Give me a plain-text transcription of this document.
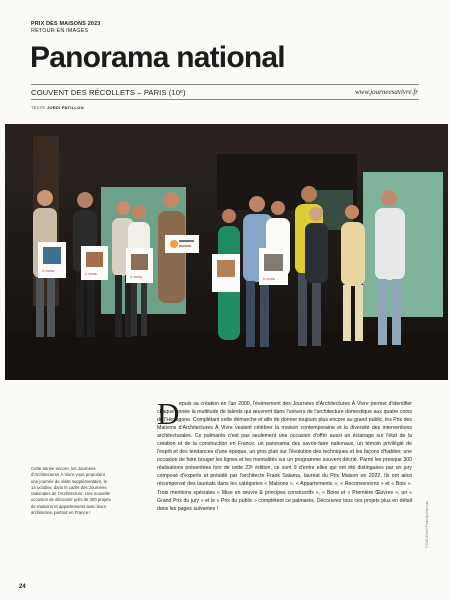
PRIX DES MAISONS 2023
RETOUR EN IMAGES
Panorama national
COUVENT DES RÉCOLLETS – PARIS (10ᵉ)	www.journeesavivre.fr
TEXTE JORDI PATILLON
À VIVRE
À VIVRE
À VIVRE	À VIVRE
D epuis sa création en l'an 2000, l'événement des Journées d'Architectures À Vivre permet d'identifier chaque année la multitude de talents qui œuvrent dans l'univers de l'architecture domestique aux quatre coins de l'Hexagone. Complétant cette démarche et afin de donner toujours plus encore au grand public, les Prix des Maisons d'Architectures À Vivre veulent célébrer la maison contemporaine et la diversité des interventions architecturales. Ce palmarès n'est pas seulement une occasion d'offrir aussi un éclairage sur l'état de la création et de la construction en France, un panorama des savoir-faire nationaux, un témoin privilégié de l'esprit et des tendances d'une époque, un gros plan sur l'évolution des techniques et les façons d'habiter, une occasion de faire bouger les lignes et les mentalités sur un programme souvent décrié. Parmi les presque 300 réalisations présentées lors de cette 23ᵉ édition, ce sont 9 d'entre elles qui ont été distinguées par un jury composé d'experts et présidé par l'architecte Frank Salama, lauréat du Prix Maison en 2022. Ils ont ainsi récompensé des lauréats dans les catégories « Maisons », « Appartements », « Reconversions » et « Bois ». Trois mentions spéciales « Mise en œuvre & principes constructifs », « Boire et « Première Œuvres », un « Grand Prix du jury » et le « Prix du public » complètent ce palmarès. Découvrez tous ces projets plus en détail dans les pages suivantes !
Cette année encore, les Journées d'Architectures À Vivre vous proposent une journée de visite supplémentaire, le 14 octobre, dans le cadre des Journées nationales de l'Architecture. Une nouvelle occasion de découvrir près de 300 projets de maisons et appartements avec leurs architectes, partout en France !	© D.R./Crédit Photo Architecture
24
